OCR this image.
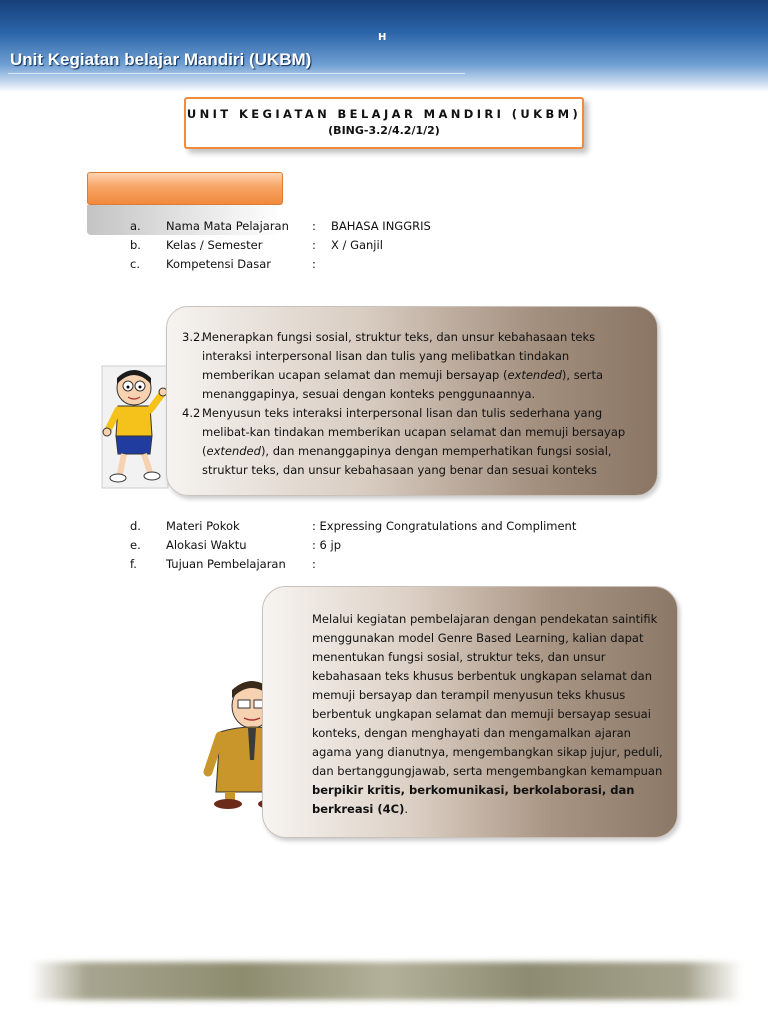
H
Unit Kegiatan belajar Mandiri (UKBM)
UNIT KEGIATAN BELAJAR MANDIRI (UKBM)
(BING-3.2/4.2/1/2)
a. Nama Mata Pelajaran : BAHASA INGGRIS
b. Kelas / Semester	: X / Ganjil
c. Kompetensi Dasar	:
3.2.
Menerapkan fungsi sosial, struktur teks, dan unsur kebahasaan teks interaksi interpersonal lisan dan tulis yang melibatkan tindakan memberikan ucapan selamat dan memuji bersayap (extended), serta menanggapinya, sesuai dengan konteks penggunaannya.
4.2 Menyusun teks interaksi interpersonal lisan dan tulis sederhana yang melibat-kan tindakan memberikan ucapan selamat dan memuji bersayap (extended), dan menanggapinya dengan memperhatikan fungsi sosial, struktur teks, dan unsur kebahasaan yang benar dan sesuai konteks
d. Materi Pokok	: Expressing Congratulations and Compliment
e. Alokasi Waktu	: 6 jp
f.	Tujuan Pembelajaran :
Melalui kegiatan pembelajaran dengan pendekatan saintifik menggunakan model Genre Based Learning, kalian dapat menentukan fungsi sosial, struktur teks, dan unsur kebahasaan teks khusus berbentuk ungkapan selamat dan memuji bersayap dan terampil menyusun teks khusus berbentuk ungkapan selamat dan memuji bersayap sesuai konteks, dengan menghayati dan mengamalkan ajaran agama yang dianutnya, mengembangkan sikap jujur, peduli, dan bertanggungjawab, serta mengembangkan kemampuan berpikir kritis, berkomunikasi, berkolaborasi, dan berkreasi (4C).
